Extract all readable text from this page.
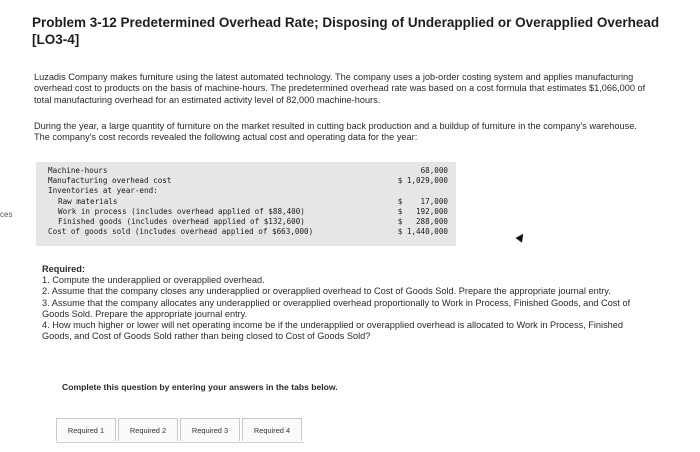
ces
Problem 3-12 Predetermined Overhead Rate; Disposing of Underapplied or Overapplied Overhead [LO3-4]
Luzadis Company makes furniture using the latest automated technology. The company uses a job-order costing system and applies manufacturing overhead cost to products on the basis of machine-hours. The predetermined overhead rate was based on a cost formula that estimates $1,066,000 of total manufacturing overhead for an estimated activity level of 82,000 machine-hours.
During the year, a large quantity of furniture on the market resulted in cutting back production and a buildup of furniture in the company's warehouse. The company's cost records revealed the following actual cost and operating data for the year:
Machine-hours	68,000
Manufacturing overhead cost	$ 1,029,000
Inventories at year-end:
Raw materials	$    17,000
Work in process (includes overhead applied of $88,400)	$   192,000
Finished goods (includes overhead applied of $132,600)	$   288,000
Cost of goods sold (includes overhead applied of $663,000)	$ 1,440,000

Required:

1. Compute the underapplied or overapplied overhead.

2. Assume that the company closes any underapplied or overapplied overhead to Cost of Goods Sold. Prepare the appropriate journal entry.

3. Assume that the company allocates any underapplied or overapplied overhead proportionally to Work in Process, Finished Goods, and Cost of Goods Sold. Prepare the appropriate journal entry.

4. How much higher or lower will net operating income be if the underapplied or overapplied overhead is allocated to Work in Process, Finished Goods, and Cost of Goods Sold rather than being closed to Cost of Goods Sold?

Complete this question by entering your answers in the tabs below.
Required 1	Required 2	Required 3	Required 4
